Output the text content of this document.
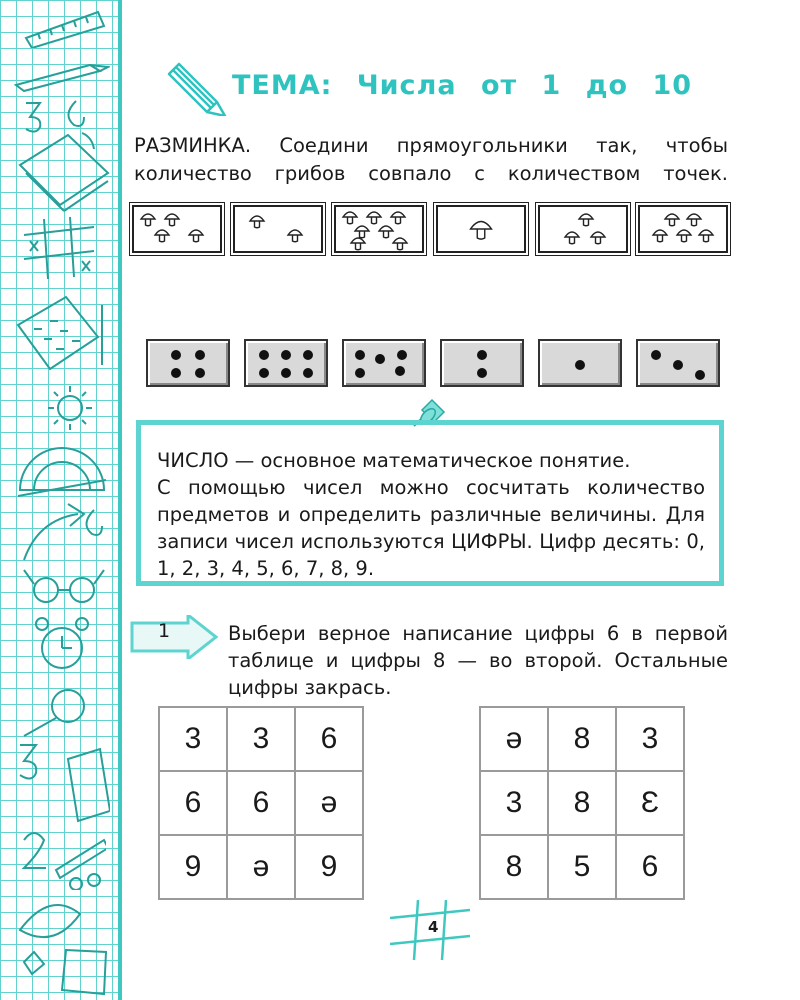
ТЕМА: Числа от 1 до 10
РАЗМИНКА. Соедини прямоугольники так, чтобы количество грибов совпало с количеством точек.
ЧИСЛО — основное математическое понятие.
С помощью чисел можно сосчитать количество предметов и определить различные величины. Для записи чисел используются ЦИФРЫ. Цифр десять: 0, 1, 2, 3, 4, 5, 6, 7, 8, 9.
1	Выбери верное написание цифры 6 в первой таблице и цифры 8 — во второй. Остальные цифры закрась.
3	3	6
6	6	ә
9	ә	9
ә	8	3
3	8	Ɛ
8	5	6
4
